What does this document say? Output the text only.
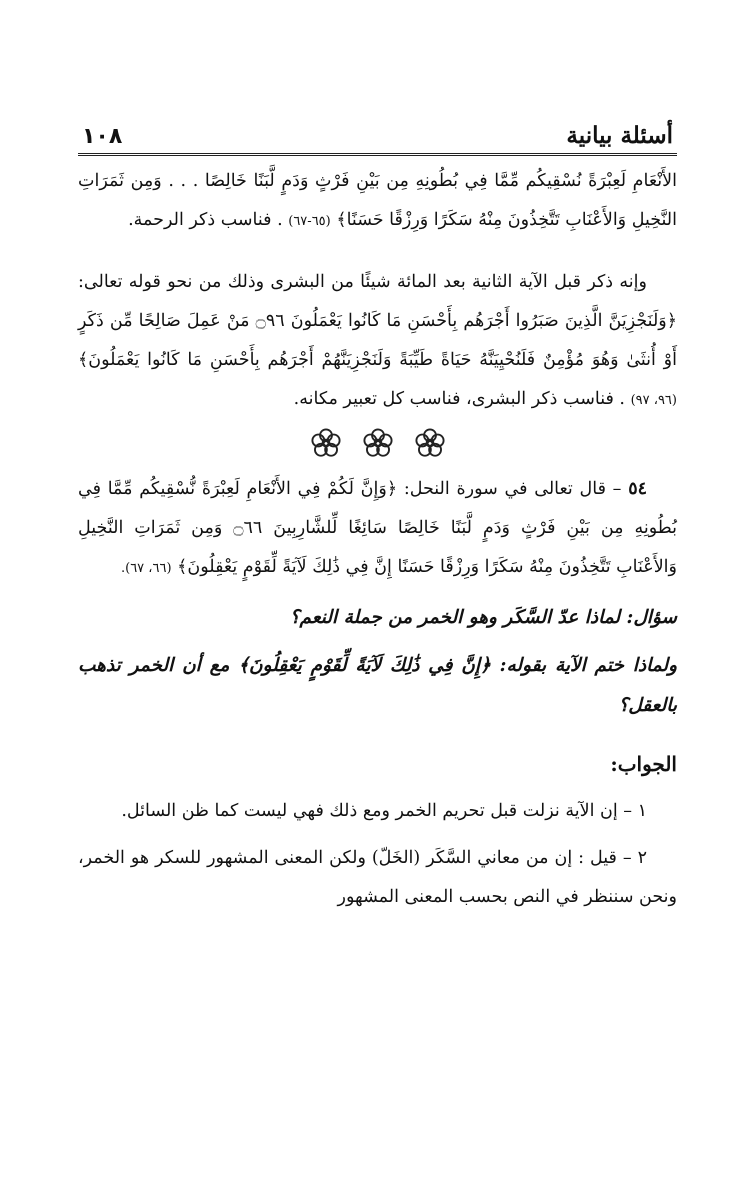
أسئلة بيانية
١٠٨

الأَنْعَامِ لَعِبْرَةً نُسْقِيكُم مِّمَّا فِي بُطُونِهِ مِن بَيْنِ فَرْثٍ وَدَمٍ لَّبَنًا خَالِصًا . . . وَمِن ثَمَرَاتِ النَّخِيلِ وَالأَعْنَابِ تَتَّخِذُونَ مِنْهُ سَكَرًا وَرِزْقًا حَسَنًا﴾ (٦٥-٦٧) . فناسب ذكر الرحمة.

وإنه ذكر قبل الآية الثانية بعد المائة شيئًا من البشرى وذلك من نحو قوله تعالى: ﴿وَلَنَجْزِيَنَّ الَّذِينَ صَبَرُوا أَجْرَهُم بِأَحْسَنِ مَا كَانُوا يَعْمَلُونَ ۝٩٦ مَنْ عَمِلَ صَالِحًا مِّن ذَكَرٍ أَوْ أُنثَىٰ وَهُوَ مُؤْمِنٌ فَلَنُحْيِيَنَّهُ حَيَاةً طَيِّبَةً وَلَنَجْزِيَنَّهُمْ أَجْرَهُم بِأَحْسَنِ مَا كَانُوا يَعْمَلُونَ﴾ (٩٦، ٩٧) . فناسب ذكر البشرى، فناسب كل تعبير مكانه.

٥٤ – قال تعالى في سورة النحل: ﴿وَإِنَّ لَكُمْ فِي الأَنْعَامِ لَعِبْرَةً نُّسْقِيكُم مِّمَّا فِي بُطُونِهِ مِن بَيْنِ فَرْثٍ وَدَمٍ لَّبَنًا خَالِصًا سَائِغًا لِّلشَّارِبِينَ ۝٦٦ وَمِن ثَمَرَاتِ النَّخِيلِ وَالأَعْنَابِ تَتَّخِذُونَ مِنْهُ سَكَرًا وَرِزْقًا حَسَنًا إِنَّ فِي ذَٰلِكَ لَآيَةً لِّقَوْمٍ يَعْقِلُونَ﴾ (٦٦، ٦٧).

سؤال: لماذا عدّ السَّكَر وهو الخمر من جملة النعم؟

ولماذا ختم الآية بقوله: ﴿إِنَّ فِي ذَٰلِكَ لَآيَةً لِّقَوْمٍ يَعْقِلُونَ﴾ مع أن الخمر تذهب بالعقل؟

الجواب:

١ – إن الآية نزلت قبل تحريم الخمر ومع ذلك فهي ليست كما ظن السائل.

٢ – قيل : إن من معاني السَّكَر (الخَلّ) ولكن المعنى المشهور للسكر هو الخمر، ونحن سننظر في النص بحسب المعنى المشهور
